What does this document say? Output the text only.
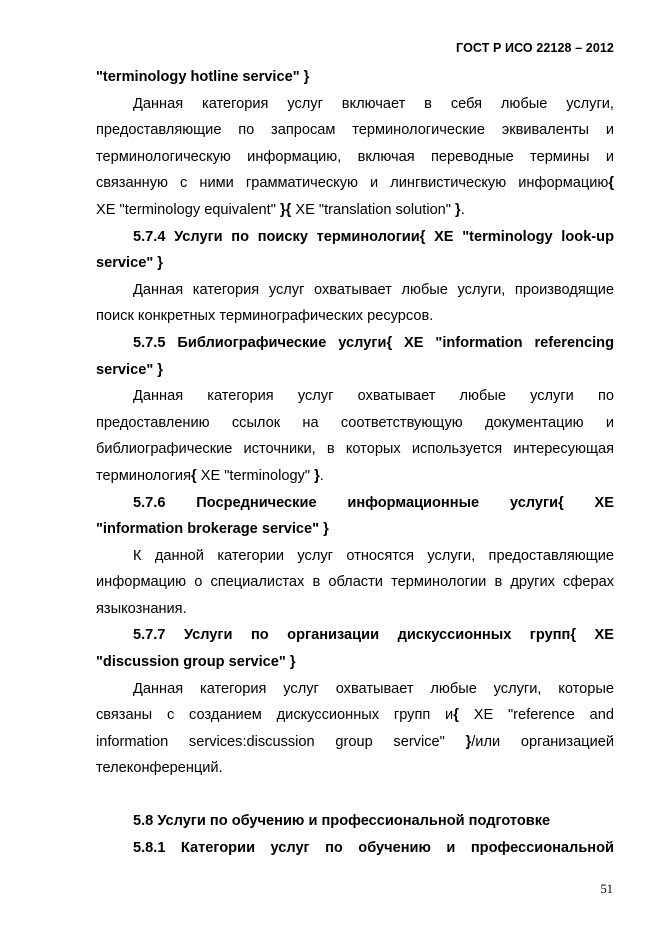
ГОСТ Р ИСО 22128 – 2012

"terminology hotline service" }

Данная категория услуг включает в себя любые услуги,

предоставляющие по запросам терминологические эквиваленты и

терминологическую информацию, включая переводные термины и

связанную с ними грамматическую и лингвистическую информацию{

XE "terminology equivalent" }{ XE "translation solution" }.

5.7.4 Услуги по поиску терминологии{ XE "terminology look-up

service" }

Данная категория услуг охватывает любые услуги, производящие

поиск конкретных терминографических ресурсов.

5.7.5 Библиографические услуги{ XE "information referencing

service" }

Данная категория услуг охватывает любые услуги по

предоставлению ссылок на соответствующую документацию и

библиографические источники, в которых используется интересующая

терминология{ XE "terminology" }.

5.7.6 Посреднические информационные услуги{ XE

"information brokerage service" }

К данной категории услуг относятся услуги, предоставляющие

информацию о специалистах в области терминологии в других сферах

языкознания.

5.7.7 Услуги по организации дискуссионных групп{ XE

"discussion group service" }

Данная категория услуг охватывает любые услуги, которые

связаны с созданием дискуссионных групп и{ XE "reference and

information services:discussion group service" }/или организацией

телеконференций.

5.8 Услуги по обучению и профессиональной подготовке

5.8.1 Категории услуг по обучению и профессиональной

51
